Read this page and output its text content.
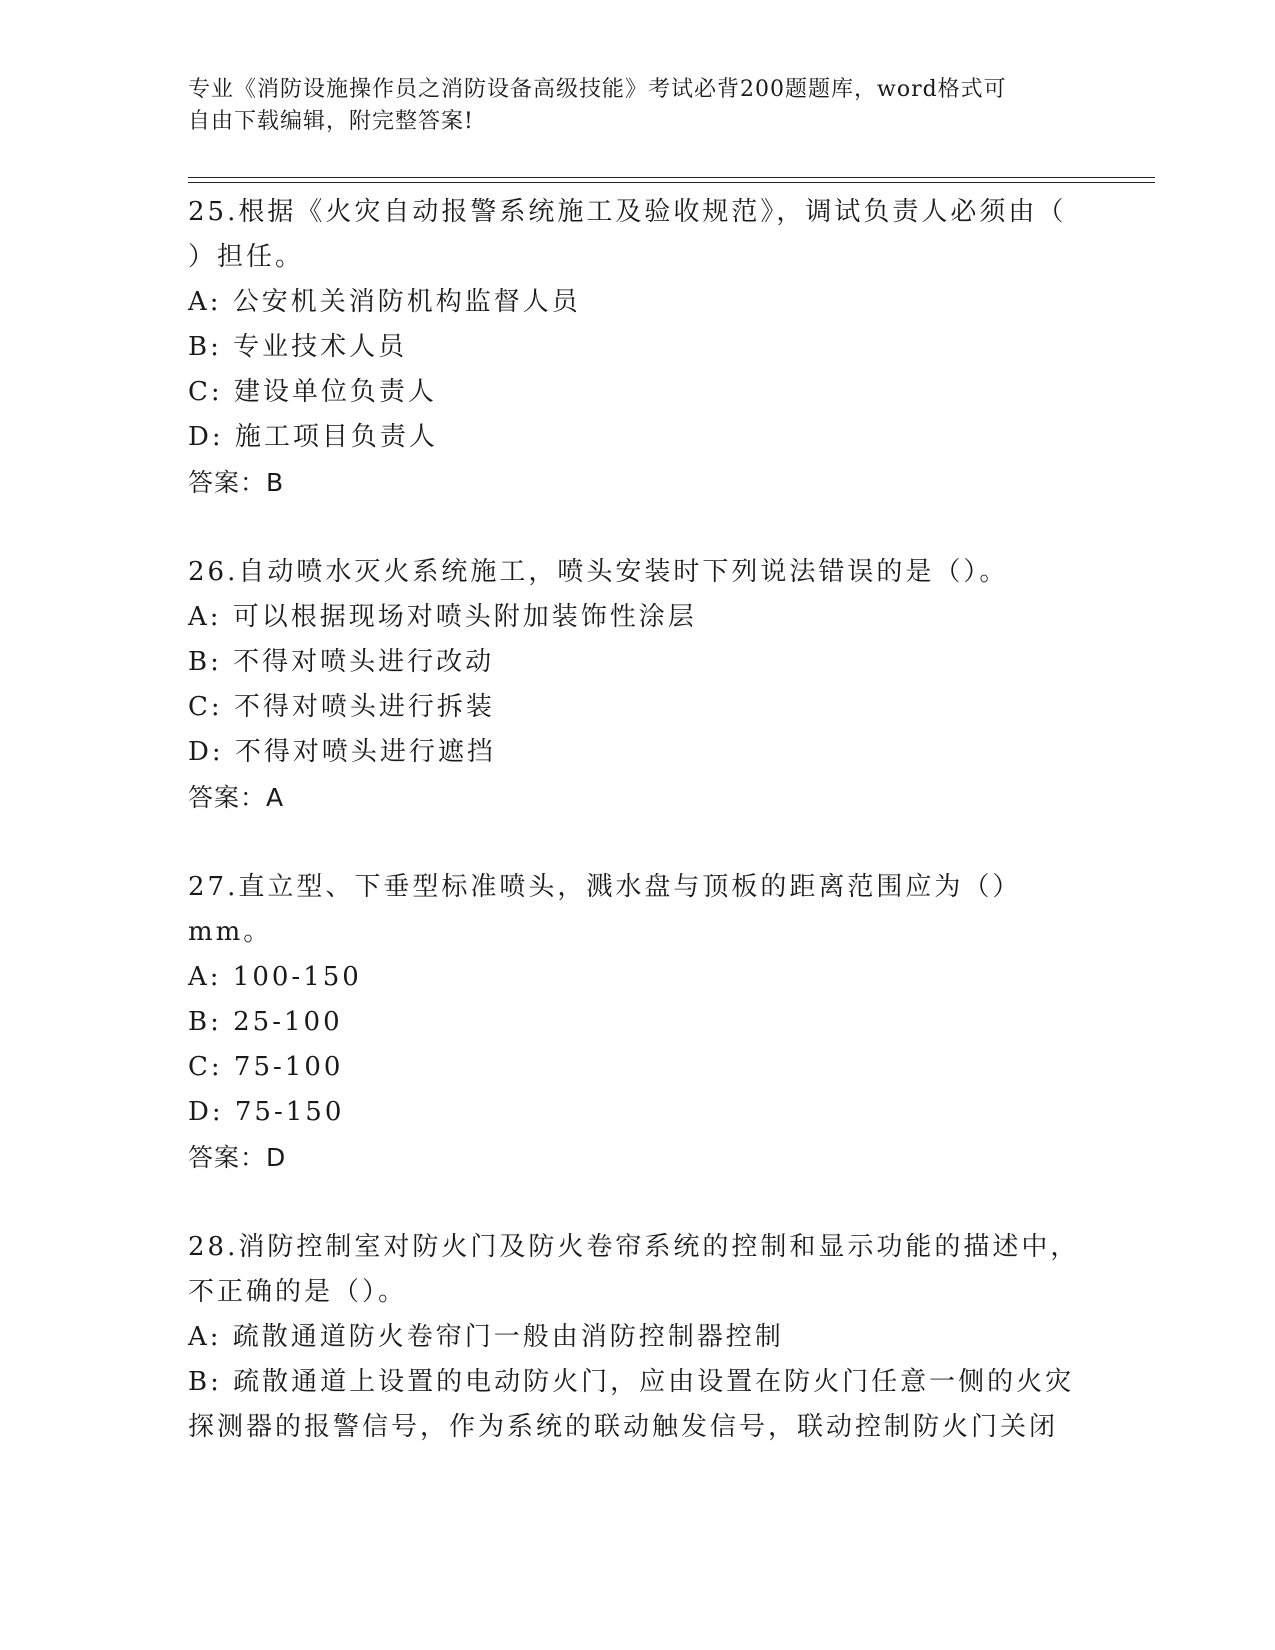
专业《消防设施操作员之消防设备高级技能》考试必背200题题库，word格式可
自由下载编辑，附完整答案!

25.根据《火灾自动报警系统施工及验收规范》，调试负责人必须由（

）担任。

A: 公安机关消防机构监督人员

B: 专业技术人员

C: 建设单位负责人

D: 施工项目负责人

答案：B

26.自动喷水灭火系统施工，喷头安装时下列说法错误的是（）。

A: 可以根据现场对喷头附加装饰性涂层

B: 不得对喷头进行改动

C: 不得对喷头进行拆装

D: 不得对喷头进行遮挡

答案：A

27.直立型、下垂型标准喷头，溅水盘与顶板的距离范围应为（）mm。

A: 100-150

B: 25-100

C: 75-100

D: 75-150

答案：D

28.消防控制室对防火门及防火卷帘系统的控制和显示功能的描述中，

不正确的是（）。

A: 疏散通道防火卷帘门一般由消防控制器控制

B: 疏散通道上设置的电动防火门，应由设置在防火门任意一侧的火灾

探测器的报警信号，作为系统的联动触发信号，联动控制防火门关闭
